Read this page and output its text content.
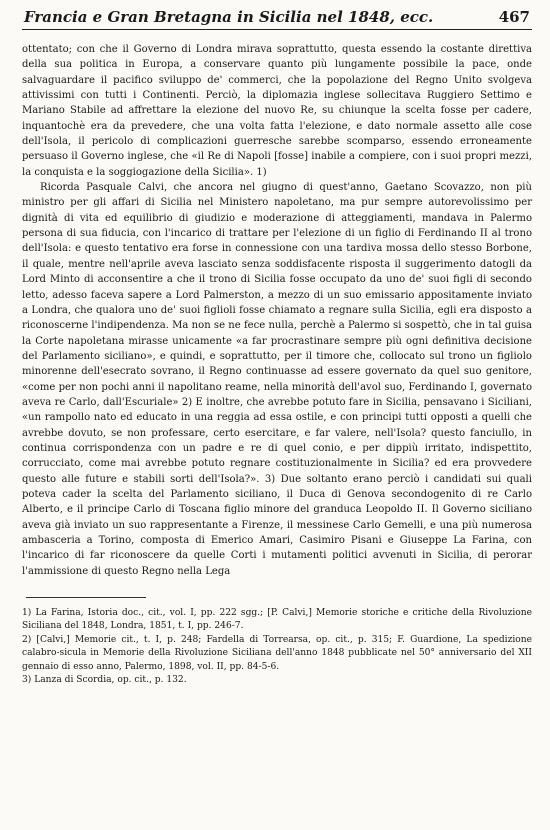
Francia e Gran Bretagna in Sicilia nel 1848, ecc.	467

ottentato; con che il Governo di Londra mirava soprattutto, questa essendo la costante direttiva della sua politica in Europa, a conservare quanto più lungamente possibile la pace, onde salvaguardare il pacifico sviluppo de' commerci, che la popolazione del Regno Unito svolgeva attivissimi con tutti i Continenti. Perciò, la diplomazia inglese sollecitava Ruggiero Settimo e Mariano Stabile ad affrettare la elezione del nuovo Re, su chiunque la scelta fosse per cadere, inquantochè era da prevedere, che una volta fatta l'elezione, e dato normale assetto alle cose dell'Isola, il pericolo di complicazioni guerresche sarebbe scomparso, essendo erroneamente persuaso il Governo inglese, che «il Re di Napoli [fosse] inabile a compiere, con i suoi propri mezzi, la conquista e la soggiogazione della Sicilia». 1)

Ricorda Pasquale Calvi, che ancora nel giugno di quest'anno, Gaetano Scovazzo, non più ministro per gli affari di Sicilia nel Ministero napoletano, ma pur sempre autorevolissimo per dignità di vita ed equilibrio di giudizio e moderazione di atteggiamenti, mandava in Palermo persona di sua fiducia, con l'incarico di trattare per l'elezione di un figlio di Ferdinando II al trono dell'Isola: e questo tentativo era forse in connessione con una tardiva mossa dello stesso Borbone, il quale, mentre nell'aprile aveva lasciato senza soddisfacente risposta il suggerimento datogli da Lord Minto di acconsentire a che il trono di Sicilia fosse occupato da uno de' suoi figli di secondo letto, adesso faceva sapere a Lord Palmerston, a mezzo di un suo emissario appositamente inviato a Londra, che qualora uno de' suoi figlioli fosse chiamato a regnare sulla Sicilia, egli era disposto a riconoscerne l'indipendenza. Ma non se ne fece nulla, perchè a Palermo si sospettò, che in tal guisa la Corte napoletana mirasse unicamente «a far procrastinare sempre più ogni definitiva decisione del Parlamento siciliano», e quindi, e soprattutto, per il timore che, collocato sul trono un figliolo minorenne dell'esecrato sovrano, il Regno continuasse ad essere governato da quel suo genitore, «come per non pochi anni il napolitano reame, nella minorità dell'avol suo, Ferdinando I, governato aveva re Carlo, dall'Escuriale» 2) E inoltre, che avrebbe potuto fare in Sicilia, pensavano i Siciliani, «un rampollo nato ed educato in una reggia ad essa ostile, e con principi tutti opposti a quelli che avrebbe dovuto, se non professare, certo esercitare, e far valere, nell'Isola? questo fanciullo, in continua corrispondenza con un padre e re di quel conio, e per dippiù irritato, indispettito, corrucciato, come mai avrebbe potuto regnare costituzionalmente in Sicilia? ed era provvedere questo alle future e stabili sorti dell'Isola?». 3) Due soltanto erano perciò i candidati sui quali poteva cader la scelta del Parlamento siciliano, il Duca di Genova secondogenito di re Carlo Alberto, e il principe Carlo di Toscana figlio minore del granduca Leopoldo II. Il Governo siciliano aveva già inviato un suo rappresentante a Firenze, il messinese Carlo Gemelli, e una più numerosa ambasceria a Torino, composta di Emerico Amari, Casimiro Pisani e Giuseppe La Farina, con l'incarico di far riconoscere da quelle Corti i mutamenti politici avvenuti in Sicilia, di perorar l'ammissione di questo Regno nella Lega

1) La Farina, Istoria doc., cit., vol. I, pp. 222 sgg.; [P. Calvi,] Memorie storiche e critiche della Rivoluzione Siciliana del 1848, Londra, 1851, t. I, pp. 246-7.

2) [Calvi,] Memorie cit., t. I, p. 248; Fardella di Torrearsa, op. cit., p. 315; F. Guardione, La spedizione calabro-sicula in Memorie della Rivoluzione Siciliana dell'anno 1848 pubblicate nel 50° anniversario del XII gennaio di esso anno, Palermo, 1898, vol. II, pp. 84-5-6.

3) Lanza di Scordia, op. cit., p. 132.
